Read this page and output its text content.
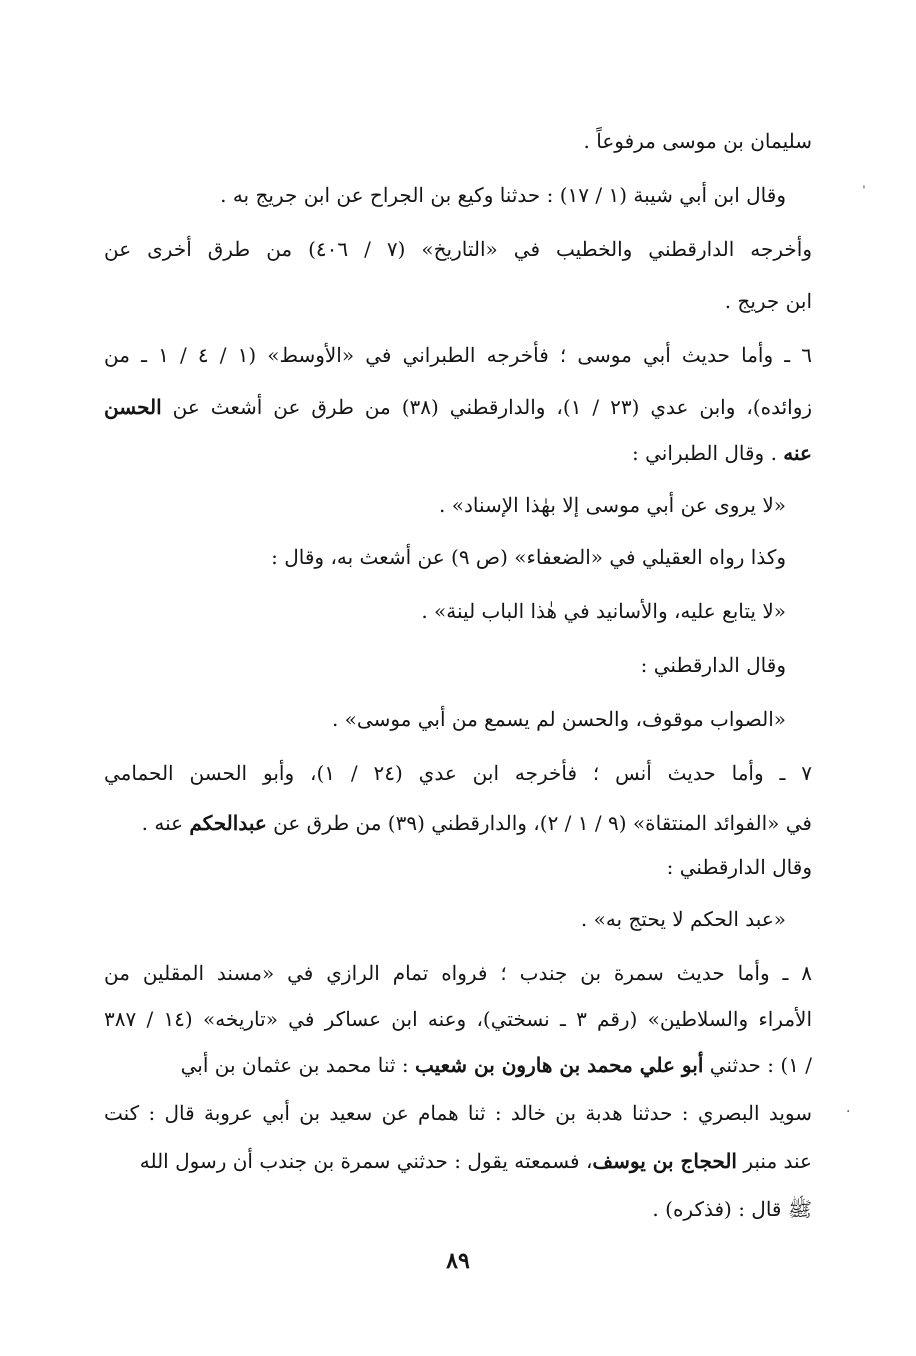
سليمان بن موسى مرفوعاً .
وقال ابن أبي شيبة (١ / ١٧) : حدثنا وكيع بن الجراح عن ابن جريج به .
وأخرجه الدارقطني والخطيب في «التاريخ» (٧ / ٤٠٦) من طرق أخرى عن
ابن جريج .
٦ ـ وأما حديث أبي موسى ؛ فأخرجه الطبراني في «الأوسط» (١ / ٤ / ١ ـ من
زوائده)، وابن عدي (٢٣ / ١)، والدارقطني (٣٨) من طرق عن أشعث عن الحسن
عنه . وقال الطبراني :
«لا يروى عن أبي موسى إلا بهٰذا الإسناد» .
وكذا رواه العقيلي في «الضعفاء» (ص ٩) عن أشعث به، وقال :
«لا يتابع عليه، والأسانيد في هٰذا الباب لينة» .
وقال الدارقطني :
«الصواب موقوف، والحسن لم يسمع من أبي موسى» .
٧ ـ وأما حديث أنس ؛ فأخرجه ابن عدي (٢٤ / ١)، وأبو الحسن الحمامي
في «الفوائد المنتقاة» (٩ / ١ / ٢)، والدارقطني (٣٩) من طرق عن عبدالحكم عنه .
وقال الدارقطني :
«عبد الحكم لا يحتج به» .
٨ ـ وأما حديث سمرة بن جندب ؛ فرواه تمام الرازي في «مسند المقلين من
الأمراء والسلاطين» (رقم ٣ ـ نسختي)، وعنه ابن عساكر في «تاريخه» (١٤ / ٣٨٧
/ ١) : حدثني أبو علي محمد بن هارون بن شعيب : ثنا محمد بن عثمان بن أبي
سويد البصري : حدثنا هدبة بن خالد : ثنا همام عن سعيد بن أبي عروبة قال : كنت
عند منبر الحجاج بن يوسف، فسمعته يقول : حدثني سمرة بن جندب أن رسول الله
ﷺ قال : (فذكره) .
٨٩
ˈ
.
